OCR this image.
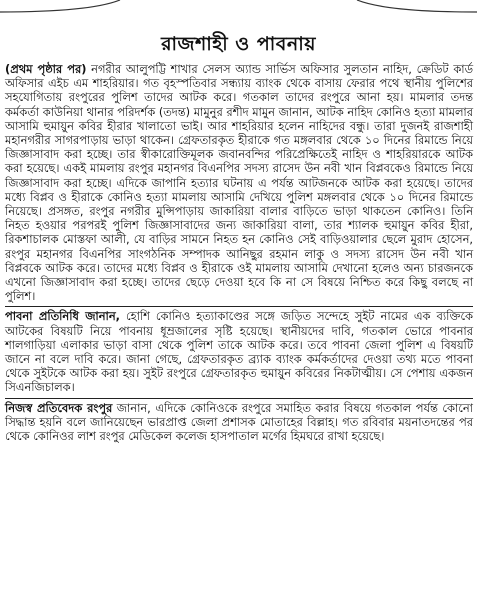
রাজশাহী ও পাবনায়

(প্রথম পৃষ্ঠার পর) নগরীর আলুপট্টি শাখার সেলস অ্যান্ড সার্ভিস অফিসার সুলতান নাহিদ, ক্রেডিট কার্ড অফিসার এইচ এম শাহরিয়ার। গত বৃহস্পতিবার সন্ধ্যায় ব্যাংক থেকে বাসায় ফেরার পথে স্থানীয় পুলিশের সহযোগিতায় রংপুরের পুলিশ তাদের আটক করে। গতকাল তাদের রংপুরে আনা হয়। মামলার তদন্ত কর্মকর্তা কাউনিয়া থানার পরিদর্শক (তদন্ত) মামুনুর রশীদ মামুন জানান, আটক নাহিদ কোনিও হত্যা মামলার আসামি হুমায়ুন কবির হীরার খালাতো ভাই। আর শাহরিয়ার হলেন নাহিদের বন্ধু। তারা দুজনই রাজশাহী মহানগরীর সাগরপাড়ায় ভাড়া থাকেন। গ্রেফতারকৃত হীরাকে গত মঙ্গলবার থেকে ১০ দিনের রিমান্ডে নিয়ে জিজ্ঞাসাবাদ করা হচ্ছে। তার স্বীকারোক্তিমূলক জবানবন্দির পরিপ্রেক্ষিতেই নাহিদ ও শাহরিয়ারকে আটক করা হয়েছে। একই মামলায় রংপুর মহানগর বিএনপির সদস্য রাসেদ উন নবী খান বিপ্লবকেও রিমান্ডে নিয়ে জিজ্ঞাসাবাদ করা হচ্ছে। এদিকে জাপানি হত্যার ঘটনায় এ পর্যন্ত আটজনকে আটক করা হয়েছে। তাদের মধ্যে বিপ্লব ও হীরাকে কোনিও হত্যা মামলায় আসামি দেখিয়ে পুলিশ মঙ্গলবার থেকে ১০ দিনের রিমান্ডে নিয়েছে। প্রসঙ্গত, রংপুর নগরীর মুন্সিপাড়ায় জাকারিয়া বালার বাড়িতে ভাড়া থাকতেন কোনিও। তিনি নিহত হওয়ার পরপরই পুলিশ জিজ্ঞাসাবাদের জন্য জাকারিয়া বালা, তার শ্যালক হুমায়ুন কবির হীরা, রিকশাচালক মোস্তফা আলী, যে বাড়ির সামনে নিহত হন কোনিও সেই বাড়িওয়ালার ছেলে মুরাদ হোসেন, রংপুর মহানগর বিএনপির সাংগঠনিক সম্পাদক আনিছুর রহমান লাকু ও সদস্য রাসেদ উন নবী খান বিপ্লবকে আটক করে। তাদের মধ্যে বিপ্লব ও হীরাকে ওই মামলায় আসামি দেখানো হলেও অন্য চারজনকে এখনো জিজ্ঞাসাবাদ করা হচ্ছে। তাদের ছেড়ে দেওয়া হবে কি না সে বিষয়ে নিশ্চিত করে কিছু বলছে না পুলিশ।

পাবনা প্রতিনিধি জানান, হোশি কোনিও হত্যাকাণ্ডের সঙ্গে জড়িত সন্দেহে সুইট নামের এক ব্যক্তিকে আটকের বিষয়টি নিয়ে পাবনায় ধূম্রজালের সৃষ্টি হয়েছে। স্থানীয়দের দাবি, গতকাল ভোরে পাবনার শালগাড়িয়া এলাকার ভাড়া বাসা থেকে পুলিশ তাকে আটক করে। তবে পাবনা জেলা পুলিশ এ বিষয়টি জানে না বলে দাবি করে। জানা গেছে, গ্রেফতারকৃত ব্র্যাক ব্যাংক কর্মকর্তাদের দেওয়া তথ্য মতে পাবনা থেকে সুইটকে আটক করা হয়। সুইট রংপুরে গ্রেফতারকৃত হুমায়ুন কবিরের নিকটাত্মীয়। সে পেশায় একজন সিএনজিচালক।

নিজস্ব প্রতিবেদক রংপুর জানান, এদিকে কোনিওকে রংপুরে সমাহিত করার বিষয়ে গতকাল পর্যন্ত কোনো সিদ্ধান্ত হয়নি বলে জানিয়েছেন ভারপ্রাপ্ত জেলা প্রশাসক মোতাহের বিল্লাহ। গত রবিবার ময়নাতদন্তের পর থেকে কোনিওর লাশ রংপুর মেডিকেল কলেজ হাসপাতাল মর্গের হিমঘরে রাখা হয়েছে।
